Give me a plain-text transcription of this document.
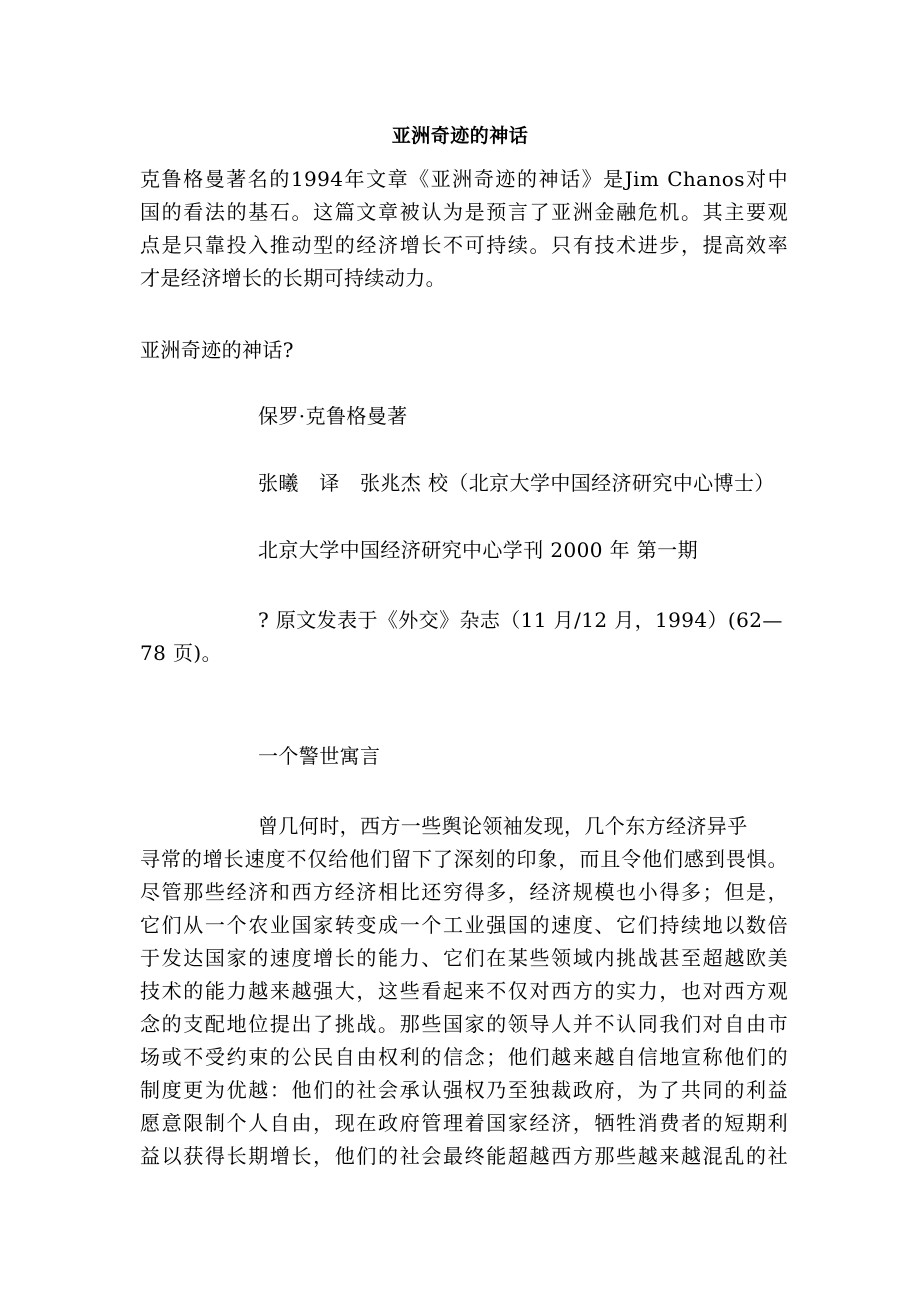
亚洲奇迹的神话
克鲁格曼著名的1994年文章《亚洲奇迹的神话》是Jim Chanos对中
国的看法的基石。这篇文章被认为是预言了亚洲金融危机。其主要观
点是只靠投入推动型的经济增长不可持续。只有技术进步，提高效率
才是经济增长的长期可持续动力。
亚洲奇迹的神话?
保罗·克鲁格曼著
张曦　译　张兆杰 校（北京大学中国经济研究中心博士）
北京大学中国经济研究中心学刊 2000 年 第一期
? 原文发表于《外交》杂志（11 月/12 月，1994）(62—
78 页)。
一个警世寓言
曾几何时，西方一些舆论领袖发现，几个东方经济异乎
寻常的增长速度不仅给他们留下了深刻的印象，而且令他们感到畏惧。
尽管那些经济和西方经济相比还穷得多，经济规模也小得多；但是，
它们从一个农业国家转变成一个工业强国的速度、它们持续地以数倍
于发达国家的速度增长的能力、它们在某些领域内挑战甚至超越欧美
技术的能力越来越强大，这些看起来不仅对西方的实力，也对西方观
念的支配地位提出了挑战。那些国家的领导人并不认同我们对自由市
场或不受约束的公民自由权利的信念；他们越来越自信地宣称他们的
制度更为优越：他们的社会承认强权乃至独裁政府，为了共同的利益
愿意限制个人自由，现在政府管理着国家经济，牺牲消费者的短期利
益以获得长期增长，他们的社会最终能超越西方那些越来越混乱的社
